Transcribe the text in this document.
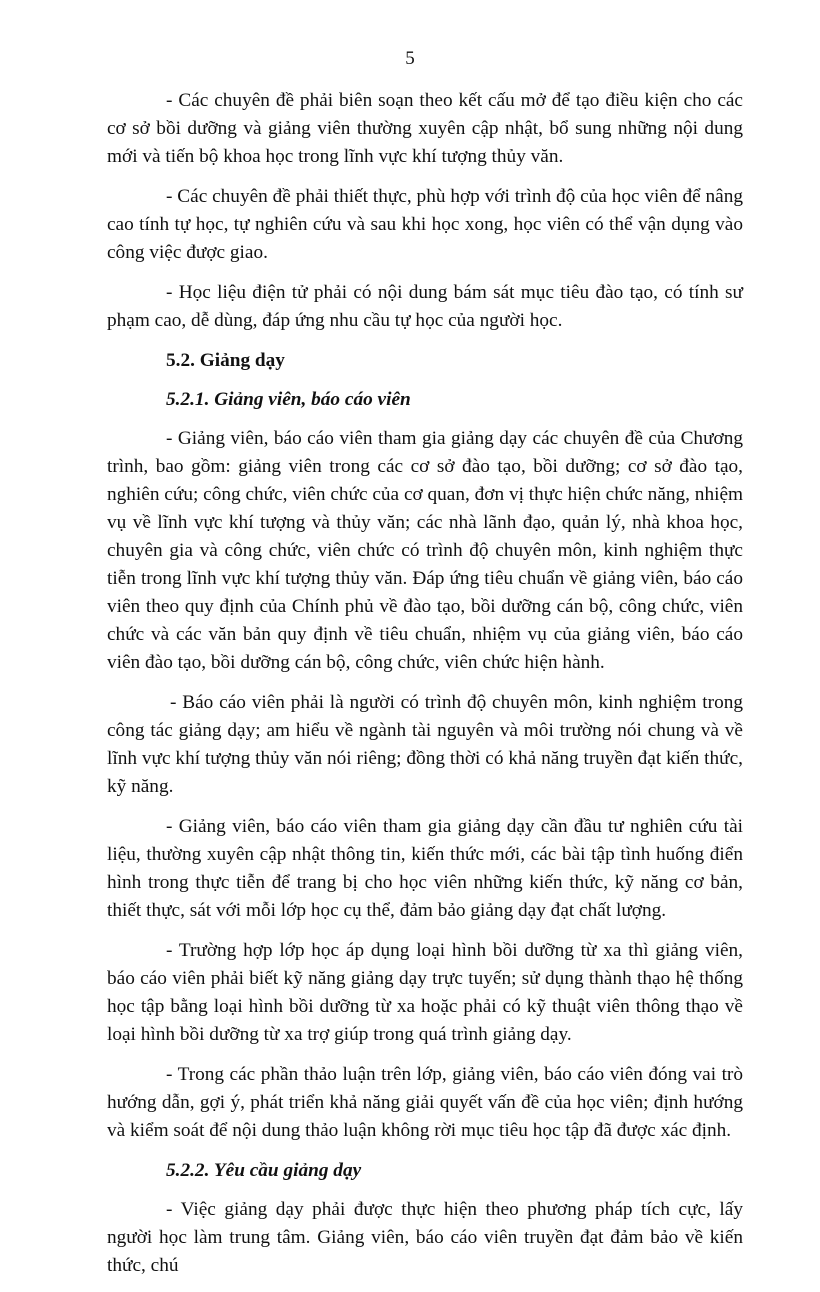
5

- Các chuyên đề phải biên soạn theo kết cấu mở để tạo điều kiện cho các cơ sở bồi dưỡng và giảng viên thường xuyên cập nhật, bổ sung những nội dung mới và tiến bộ khoa học trong lĩnh vực khí tượng thủy văn.

- Các chuyên đề phải thiết thực, phù hợp với trình độ của học viên để nâng cao tính tự học, tự nghiên cứu và sau khi học xong, học viên có thể vận dụng vào công việc được giao.

- Học liệu điện tử phải có nội dung bám sát mục tiêu đào tạo, có tính sư phạm cao, dễ dùng, đáp ứng nhu cầu tự học của người học.

5.2. Giảng dạy
5.2.1. Giảng viên, báo cáo viên

- Giảng viên, báo cáo viên tham gia giảng dạy các chuyên đề của Chương trình, bao gồm: giảng viên trong các cơ sở đào tạo, bồi dưỡng; cơ sở đào tạo, nghiên cứu; công chức, viên chức của cơ quan, đơn vị thực hiện chức năng, nhiệm vụ về lĩnh vực khí tượng và thủy văn; các nhà lãnh đạo, quản lý, nhà khoa học, chuyên gia và công chức, viên chức có trình độ chuyên môn, kinh nghiệm thực tiễn trong lĩnh vực khí tượng thủy văn. Đáp ứng tiêu chuẩn về giảng viên, báo cáo viên theo quy định của Chính phủ về đào tạo, bồi dưỡng cán bộ, công chức, viên chức và các văn bản quy định về tiêu chuẩn, nhiệm vụ của giảng viên, báo cáo viên đào tạo, bồi dưỡng cán bộ, công chức, viên chức hiện hành.

- Báo cáo viên phải là người có trình độ chuyên môn, kinh nghiệm trong công tác giảng dạy; am hiểu về ngành tài nguyên và môi trường nói chung và về lĩnh vực khí tượng thủy văn nói riêng; đồng thời có khả năng truyền đạt kiến thức, kỹ năng.

- Giảng viên, báo cáo viên tham gia giảng dạy cần đầu tư nghiên cứu tài liệu, thường xuyên cập nhật thông tin, kiến thức mới, các bài tập tình huống điển hình trong thực tiễn để trang bị cho học viên những kiến thức, kỹ năng cơ bản, thiết thực, sát với mỗi lớp học cụ thể, đảm bảo giảng dạy đạt chất lượng.

- Trường hợp lớp học áp dụng loại hình bồi dưỡng từ xa thì giảng viên, báo cáo viên phải biết kỹ năng giảng dạy trực tuyến; sử dụng thành thạo hệ thống học tập bằng loại hình bồi dưỡng từ xa hoặc phải có kỹ thuật viên thông thạo về loại hình bồi dưỡng từ xa trợ giúp trong quá trình giảng dạy.

- Trong các phần thảo luận trên lớp, giảng viên, báo cáo viên đóng vai trò hướng dẫn, gợi ý, phát triển khả năng giải quyết vấn đề của học viên; định hướng và kiểm soát để nội dung thảo luận không rời mục tiêu học tập đã được xác định.

5.2.2. Yêu cầu giảng dạy

- Việc giảng dạy phải được thực hiện theo phương pháp tích cực, lấy người học làm trung tâm. Giảng viên, báo cáo viên truyền đạt đảm bảo về kiến thức, chú
